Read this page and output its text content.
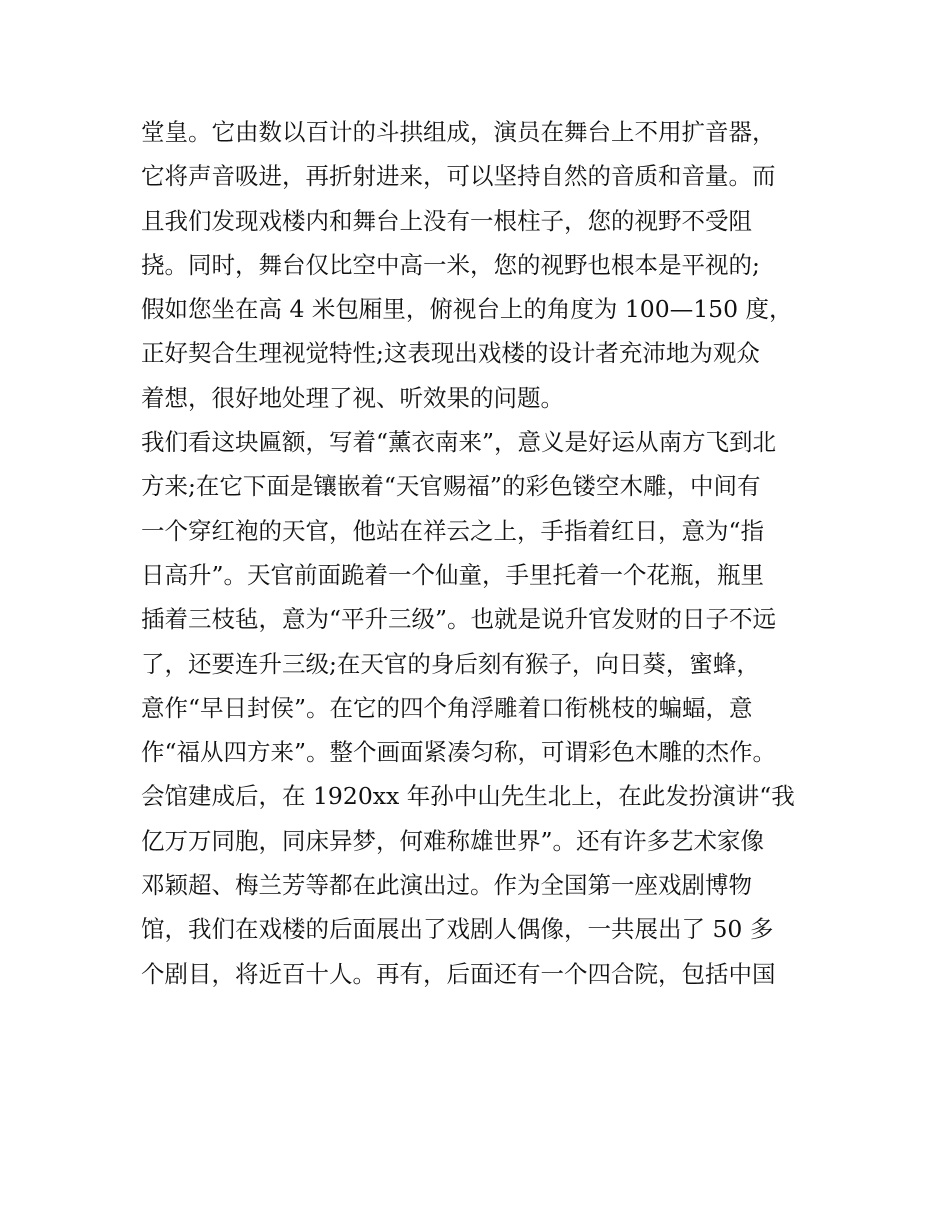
堂皇。它由数以百计的斗拱组成，演员在舞台上不用扩音器，
它将声音吸进，再折射进来，可以坚持自然的音质和音量。而
且我们发现戏楼内和舞台上没有一根柱子，您的视野不受阻
挠。同时，舞台仅比空中高一米，您的视野也根本是平视的;
假如您坐在高 4 米包厢里，俯视台上的角度为 100—150 度，
正好契合生理视觉特性;这表现出戏楼的设计者充沛地为观众
着想，很好地处理了视、听效果的问题。
我们看这块匾额，写着“薰衣南来”，意义是好运从南方飞到北
方来;在它下面是镶嵌着“天官赐福”的彩色镂空木雕，中间有
一个穿红袍的天官，他站在祥云之上，手指着红日，意为“指
日高升”。天官前面跪着一个仙童，手里托着一个花瓶，瓶里
插着三枝毡，意为“平升三级”。也就是说升官发财的日子不远
了，还要连升三级;在天官的身后刻有猴子，向日葵，蜜蜂，
意作“早日封侯”。在它的四个角浮雕着口衔桃枝的蝙蝠，意
作“福从四方来”。整个画面紧凑匀称，可谓彩色木雕的杰作。
会馆建成后，在 1920xx 年孙中山先生北上，在此发扮演讲“我
亿万万同胞，同床异梦，何难称雄世界”。还有许多艺术家像
邓颖超、梅兰芳等都在此演出过。作为全国第一座戏剧博物
馆，我们在戏楼的后面展出了戏剧人偶像，一共展出了 50 多
个剧目，将近百十人。再有，后面还有一个四合院，包括中国
